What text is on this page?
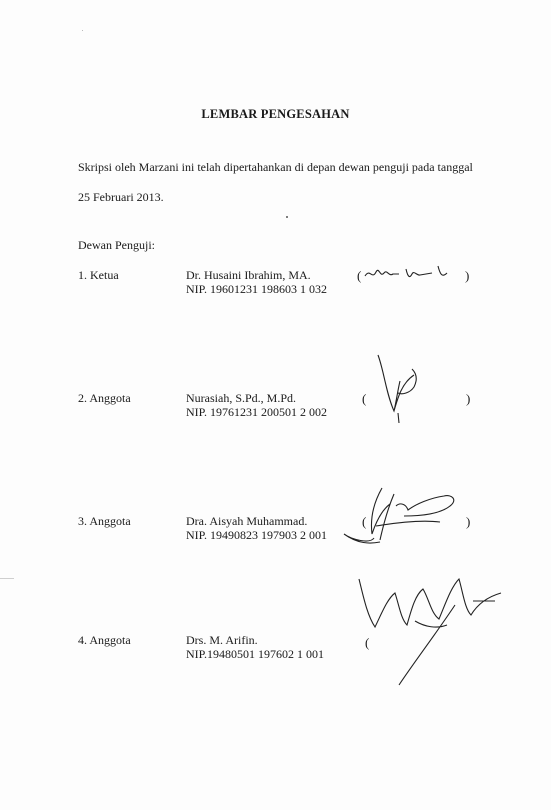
LEMBAR PENGESAHAN
Skripsi oleh Marzani ini telah dipertahankan di depan dewan penguji pada tanggal
25 Februari 2013.
Dewan Penguji:
1. Ketua	Dr. Husaini Ibrahim, MA.
NIP. 19601231 198603 1 032
(	)
2. Anggota	Nurasiah, S.Pd., M.Pd.
NIP. 19761231 200501 2 002
(	)
3. Anggota	Dra. Aisyah Muhammad.
NIP. 19490823 197903 2 001
(	)
4. Anggota	Drs. M. Arifin.
NIP.19480501 197602 1 001
(
